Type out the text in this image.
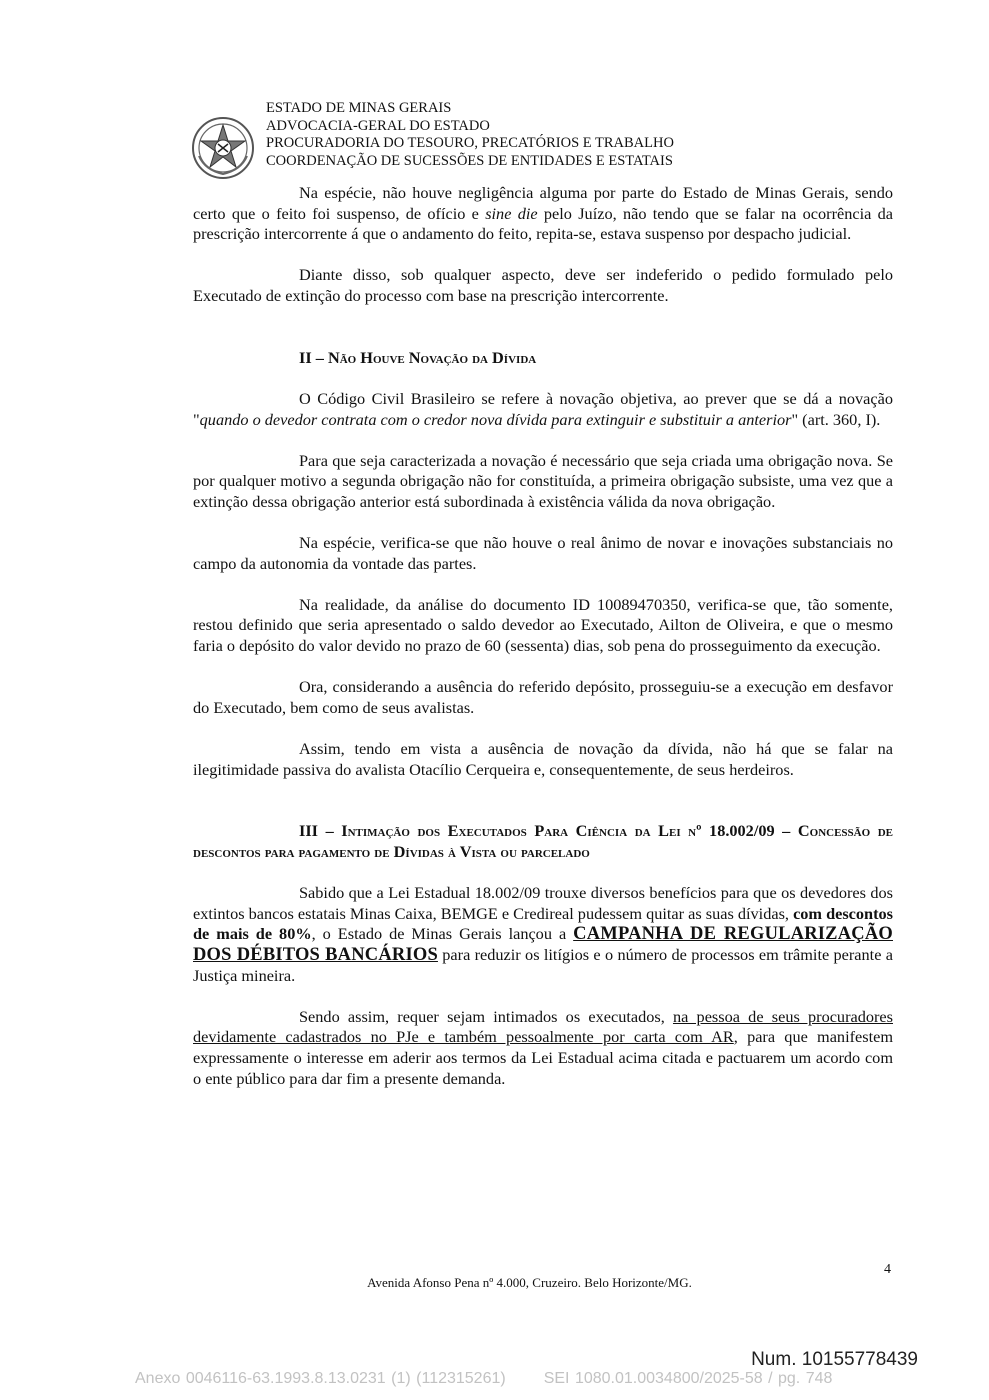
ESTADO DE MINAS GERAIS
ADVOCACIA-GERAL DO ESTADO
PROCURADORIA DO TESOURO, PRECATÓRIOS E TRABALHO
COORDENAÇÃO DE SUCESSÕES DE ENTIDADES E ESTATAIS

Na espécie, não houve negligência alguma por parte do Estado de Minas Gerais, sendo certo que o feito foi suspenso, de ofício e sine die pelo Juízo, não tendo que se falar na ocorrência da prescrição intercorrente á que o andamento do feito, repita-se, estava suspenso por despacho judicial.

Diante disso, sob qualquer aspecto, deve ser indeferido o pedido formulado pelo Executado de extinção do processo com base na prescrição intercorrente.

II – Não Houve Novação da Dívida

O Código Civil Brasileiro se refere à novação objetiva, ao prever que se dá a novação "quando o devedor contrata com o credor nova dívida para extinguir e substituir a anterior" (art. 360, I).

Para que seja caracterizada a novação é necessário que seja criada uma obrigação nova. Se por qualquer motivo a segunda obrigação não for constituída, a primeira obrigação subsiste, uma vez que a extinção dessa obrigação anterior está subordinada à existência válida da nova obrigação.

Na espécie, verifica-se que não houve o real ânimo de novar e inovações substanciais no campo da autonomia da vontade das partes.

Na realidade, da análise do documento ID 10089470350, verifica-se que, tão somente, restou definido que seria apresentado o saldo devedor ao Executado, Ailton de Oliveira, e que o mesmo faria o depósito do valor devido no prazo de 60 (sessenta) dias, sob pena do prosseguimento da execução.

Ora, considerando a ausência do referido depósito, prosseguiu-se a execução em desfavor do Executado, bem como de seus avalistas.

Assim, tendo em vista a ausência de novação da dívida, não há que se falar na ilegitimidade passiva do avalista Otacílio Cerqueira e, consequentemente, de seus herdeiros.

III – Intimação dos Executados Para Ciência da Lei nº 18.002/09 – Concessão de descontos para pagamento de Dívidas à Vista ou parcelado

Sabido que a Lei Estadual 18.002/09 trouxe diversos benefícios para que os devedores dos extintos bancos estatais Minas Caixa, BEMGE e Credireal pudessem quitar as suas dívidas, com descontos de mais de 80%, o Estado de Minas Gerais lançou a CAMPANHA DE REGULARIZAÇÃO DOS DÉBITOS BANCÁRIOS para reduzir os litígios e o número de processos em trâmite perante a Justiça mineira.

Sendo assim, requer sejam intimados os executados, na pessoa de seus procuradores devidamente cadastrados no PJe e também pessoalmente por carta com AR, para que manifestem expressamente o interesse em aderir aos termos da Lei Estadual acima citada e pactuarem um acordo com o ente público para dar fim a presente demanda.

4
Avenida Afonso Pena nº 4.000, Cruzeiro. Belo Horizonte/MG.
Num. 10155778439
Anexo 0046116-63.1993.8.13.0231 (1) (112315261) SEI 1080.01.0034800/2025-58 / pg. 748
